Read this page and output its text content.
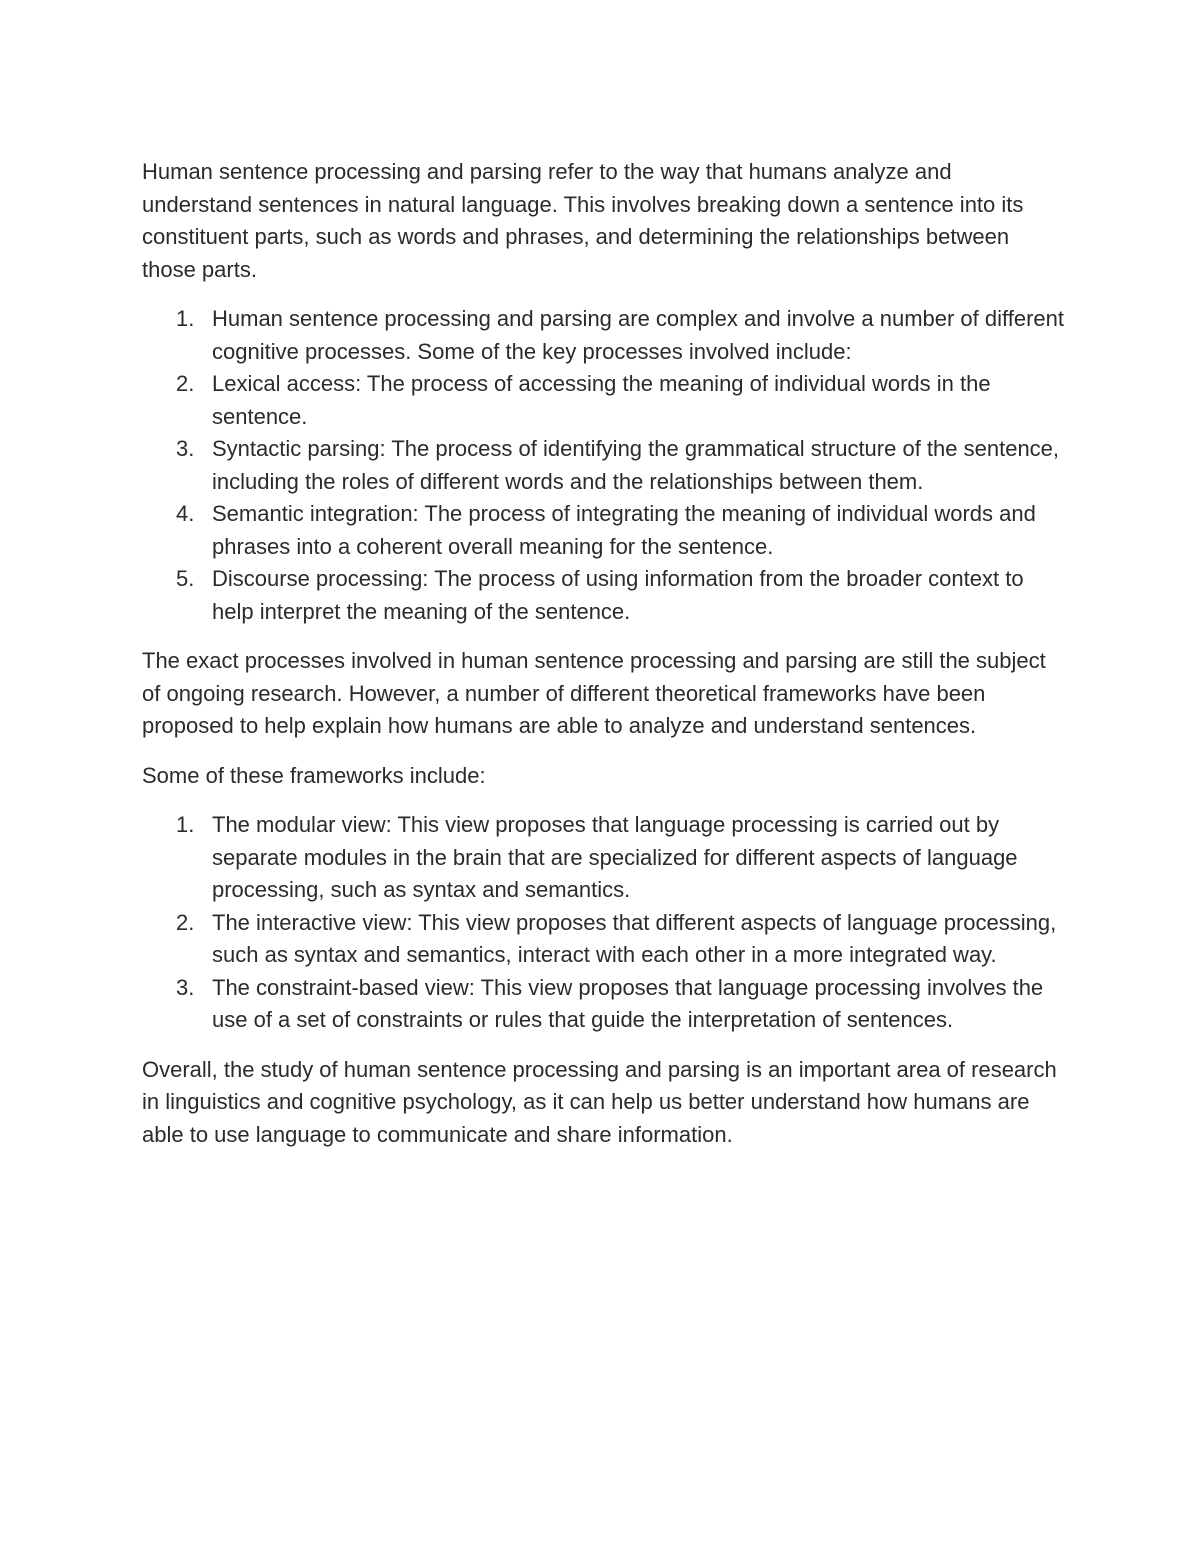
Human sentence processing and parsing refer to the way that humans analyze and understand sentences in natural language. This involves breaking down a sentence into its constituent parts, such as words and phrases, and determining the relationships between those parts.

1. Human sentence processing and parsing are complex and involve a number of different cognitive processes. Some of the key processes involved include:
2. Lexical access: The process of accessing the meaning of individual words in the sentence.
3. Syntactic parsing: The process of identifying the grammatical structure of the sentence, including the roles of different words and the relationships between them.
4. Semantic integration: The process of integrating the meaning of individual words and phrases into a coherent overall meaning for the sentence.
5. Discourse processing: The process of using information from the broader context to help interpret the meaning of the sentence.

The exact processes involved in human sentence processing and parsing are still the subject of ongoing research. However, a number of different theoretical frameworks have been proposed to help explain how humans are able to analyze and understand sentences.

Some of these frameworks include:

1. The modular view: This view proposes that language processing is carried out by separate modules in the brain that are specialized for different aspects of language processing, such as syntax and semantics.
2. The interactive view: This view proposes that different aspects of language processing, such as syntax and semantics, interact with each other in a more integrated way.
3. The constraint-based view: This view proposes that language processing involves the use of a set of constraints or rules that guide the interpretation of sentences.

Overall, the study of human sentence processing and parsing is an important area of research in linguistics and cognitive psychology, as it can help us better understand how humans are able to use language to communicate and share information.
